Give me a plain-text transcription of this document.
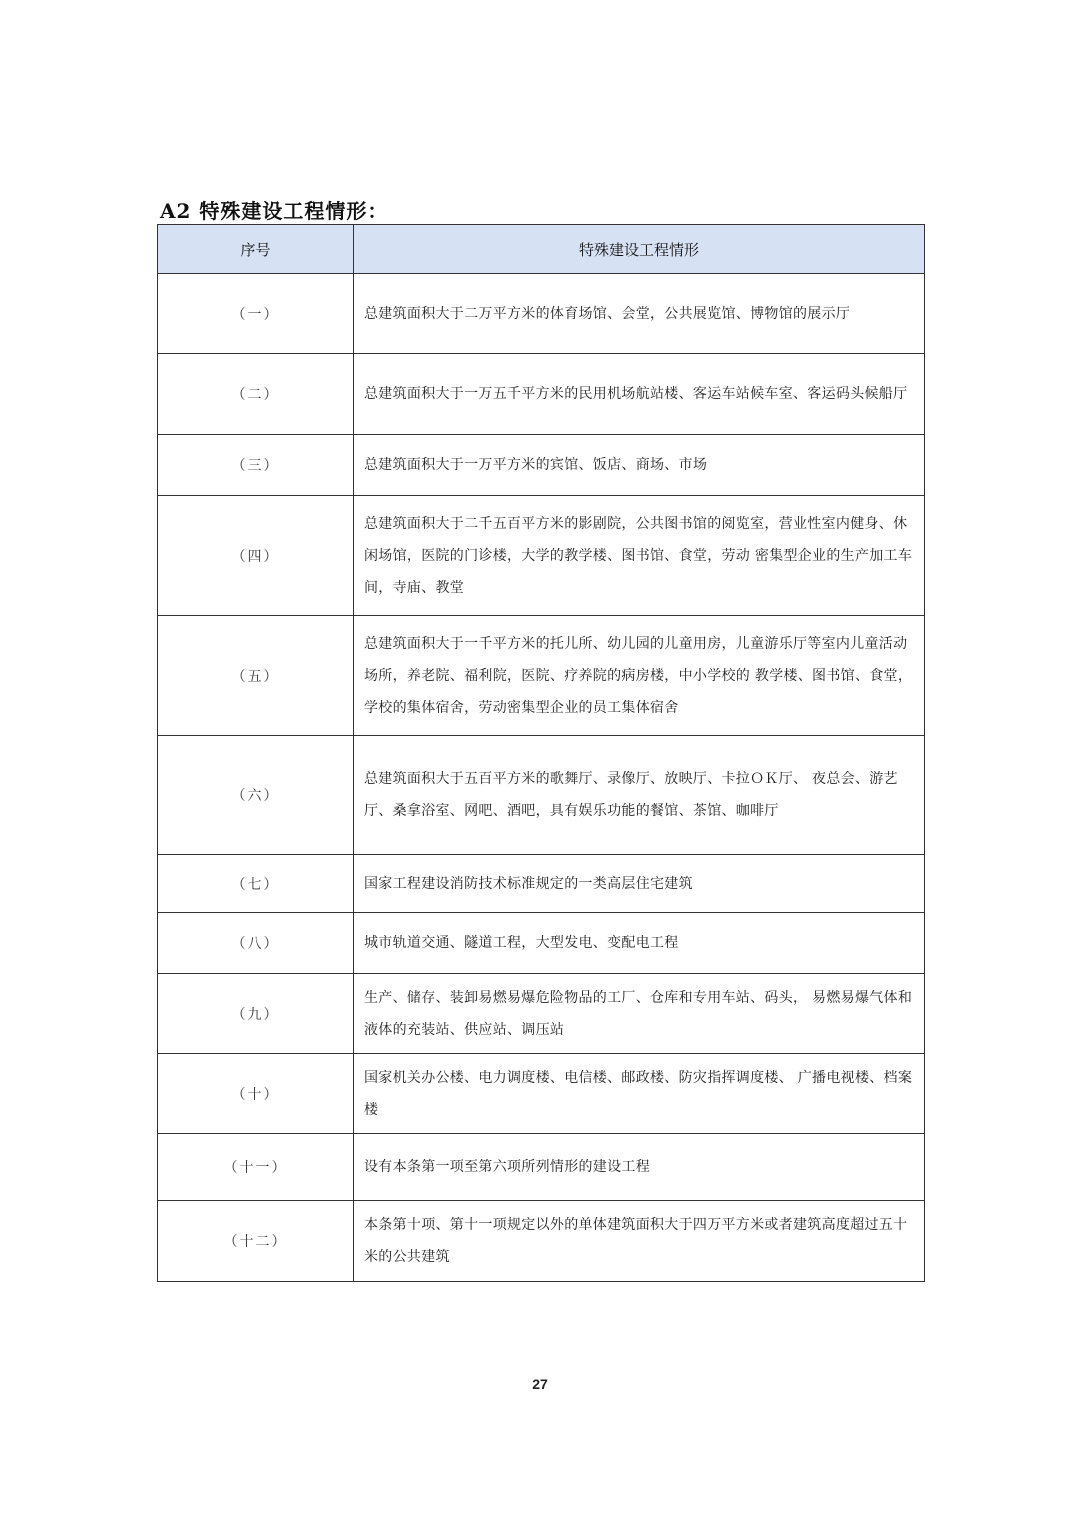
A2 特殊建设工程情形：
序号	特殊建设工程情形
（一）	总建筑面积大于二万平方米的体育场馆、会堂，公共展览馆、博物馆的展示厅
（二）	总建筑面积大于一万五千平方米的民用机场航站楼、客运车站候车室、客运码头候船厅
（三）	总建筑面积大于一万平方米的宾馆、饭店、商场、市场
（四）	总建筑面积大于二千五百平方米的影剧院，公共图书馆的阅览室，营业性室内健身、休闲场馆，医院的门诊楼，大学的教学楼、图书馆、食堂，劳动 密集型企业的生产加工车间，寺庙、教堂
（五）	总建筑面积大于一千平方米的托儿所、幼儿园的儿童用房，儿童游乐厅等室内儿童活动场所，养老院、福利院，医院、疗养院的病房楼，中小学校的 教学楼、图书馆、食堂，学校的集体宿舍，劳动密集型企业的员工集体宿舍
（六）	总建筑面积大于五百平方米的歌舞厅、录像厅、放映厅、卡拉ＯＫ厅、 夜总会、游艺厅、桑拿浴室、网吧、酒吧，具有娱乐功能的餐馆、茶馆、咖啡厅
（七）	国家工程建设消防技术标准规定的一类高层住宅建筑
（八）	城市轨道交通、隧道工程，大型发电、变配电工程
（九）	生产、储存、装卸易燃易爆危险物品的工厂、仓库和专用车站、码头， 易燃易爆气体和液体的充装站、供应站、调压站
（十）	国家机关办公楼、电力调度楼、电信楼、邮政楼、防灾指挥调度楼、 广播电视楼、档案楼
（十一）	设有本条第一项至第六项所列情形的建设工程
（十二）	本条第十项、第十一项规定以外的单体建筑面积大于四万平方米或者建筑高度超过五十米的公共建筑
27
